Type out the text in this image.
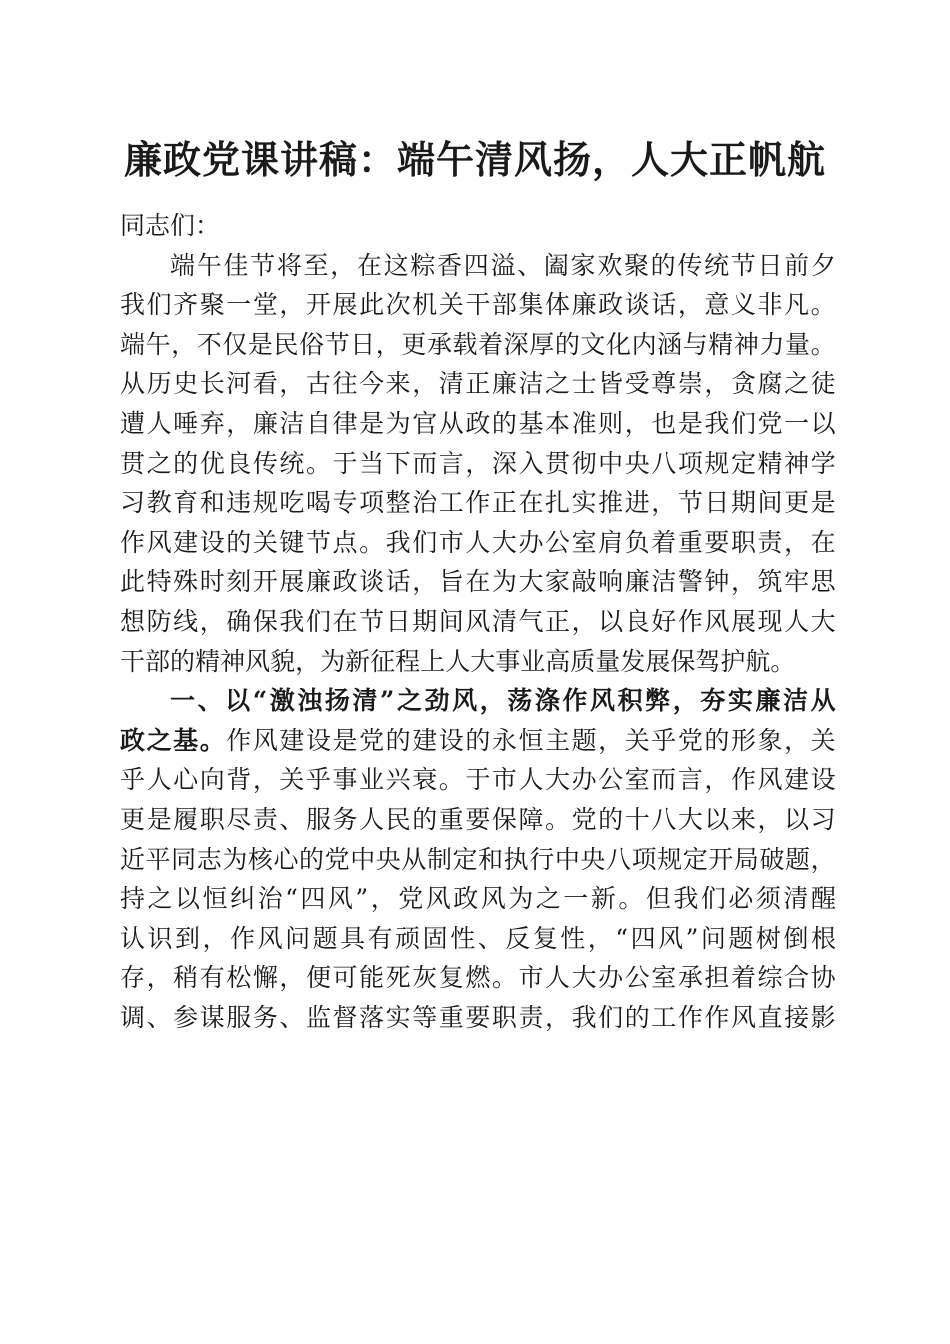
廉政党课讲稿：端午清风扬，人大正帆航
同志们：
端 午 佳 节 将 至 ， 在 这 粽 香 四 溢 、 阖 家 欢 聚 的 传 统 节 日 前 夕
我 们 齐 聚 一 堂 ， 开 展 此 次 机 关 干 部 集 体 廉 政 谈 话 ， 意 义 非 凡 。
端 午 ， 不 仅 是 民 俗 节 日 ， 更 承 载 着 深 厚 的 文 化 内 涵 与 精 神 力 量 。
从 历 史 长 河 看 ， 古 往 今 来 ， 清 正 廉 洁 之 士 皆 受 尊 崇 ， 贪 腐 之 徒
遭 人 唾 弃 ， 廉 洁 自 律 是 为 官 从 政 的 基 本 准 则 ， 也 是 我 们 党 一 以
贯 之 的 优 良 传 统 。 于 当 下 而 言 ， 深 入 贯 彻 中 央 八 项 规 定 精 神 学
习 教 育 和 违 规 吃 喝 专 项 整 治 工 作 正 在 扎 实 推 进 ， 节 日 期 间 更 是
作 风 建 设 的 关 键 节 点 。 我 们 市 人 大 办 公 室 肩 负 着 重 要 职 责 ， 在
此 特 殊 时 刻 开 展 廉 政 谈 话 ， 旨 在 为 大 家 敲 响 廉 洁 警 钟 ， 筑 牢 思
想 防 线 ， 确 保 我 们 在 节 日 期 间 风 清 气 正 ， 以 良 好 作 风 展 现 人 大
干 部 的 精 神 风 貌 ， 为 新 征 程 上 人 大 事 业 高 质 量 发 展 保 驾 护 航 。
一 、 以 “ 激 浊 扬 清 ” 之 劲 风 ， 荡 涤 作 风 积 弊 ， 夯 实 廉 洁 从
政 之 基 。 作 风 建 设 是 党 的 建 设 的 永 恒 主 题 ， 关 乎 党 的 形 象 ， 关
乎 人 心 向 背 ， 关 乎 事 业 兴 衰 。 于 市 人 大 办 公 室 而 言 ， 作 风 建 设
更 是 履 职 尽 责 、 服 务 人 民 的 重 要 保 障 。 党 的 十 八 大 以 来 ， 以 习
近 平 同 志 为 核 心 的 党 中 央 从 制 定 和 执 行 中 央 八 项 规 定 开 局 破 题 ，
持 之 以 恒 纠 治 “ 四 风 ” ， 党 风 政 风 为 之 一 新 。 但 我 们 必 须 清 醒
认 识 到 ， 作 风 问 题 具 有 顽 固 性 、 反 复 性 ， “ 四 风 ” 问 题 树 倒 根
存 ， 稍 有 松 懈 ， 便 可 能 死 灰 复 燃 。 市 人 大 办 公 室 承 担 着 综 合 协
调 、 参 谋 服 务 、 监 督 落 实 等 重 要 职 责 ， 我 们 的 工 作 作 风 直 接 影
